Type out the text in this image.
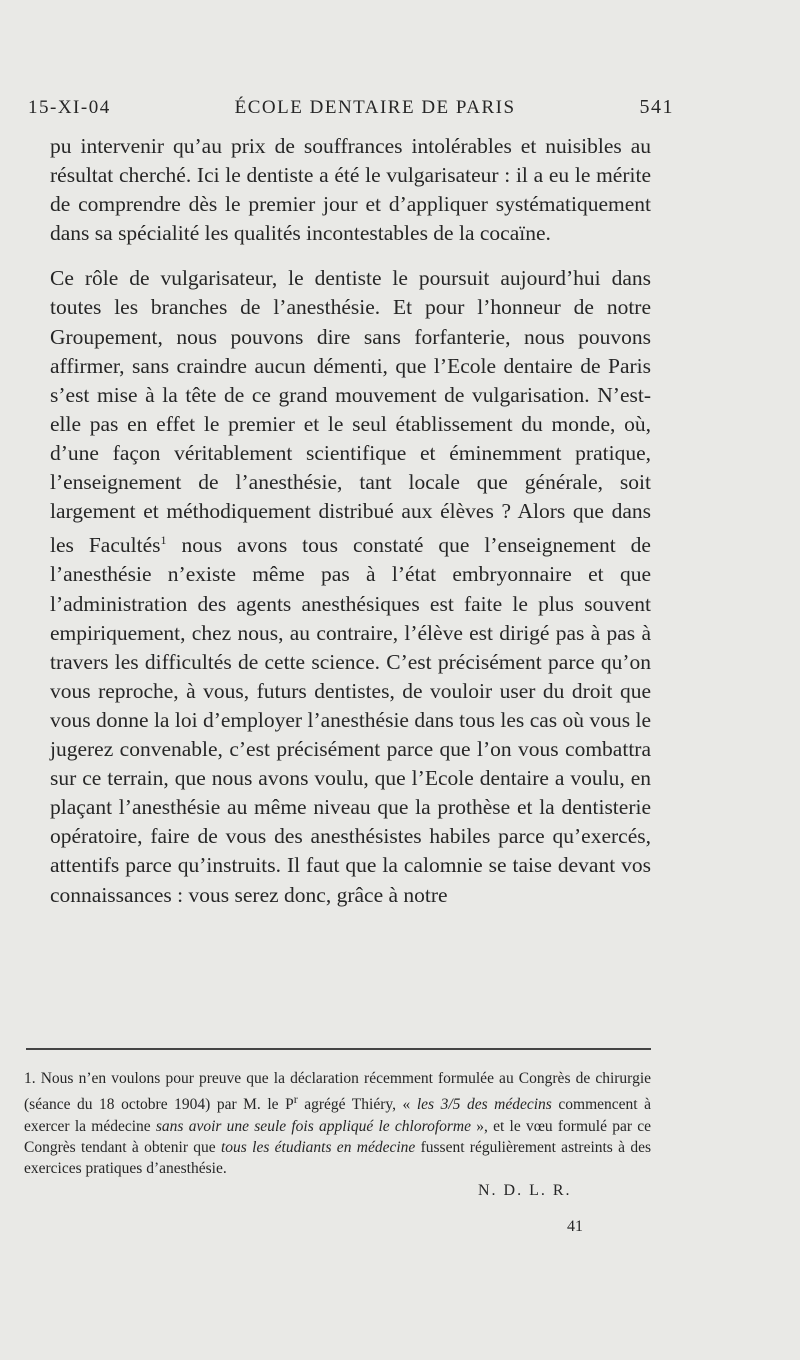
15-XI-04	ÉCOLE DENTAIRE DE PARIS	541

pu intervenir qu’au prix de souffrances intolérables et nuisibles au résultat cherché. Ici le dentiste a été le vulgarisateur : il a eu le mérite de comprendre dès le premier jour et d’appliquer systématiquement dans sa spécialité les qualités incontestables de la cocaïne.

Ce rôle de vulgarisateur, le dentiste le poursuit aujourd’hui dans toutes les branches de l’anesthésie. Et pour l’honneur de notre Groupement, nous pouvons dire sans forfanterie, nous pouvons affirmer, sans craindre aucun démenti, que l’Ecole dentaire de Paris s’est mise à la tête de ce grand mouvement de vulgarisation. N’est-elle pas en effet le premier et le seul établissement du monde, où, d’une façon véritablement scientifique et éminemment pratique, l’enseignement de l’anesthésie, tant locale que générale, soit largement et méthodiquement distribué aux élèves ? Alors que dans les Facultés$^1$ nous avons tous constaté que l’enseignement de l’anesthésie n’existe même pas à l’état embryonnaire et que l’administration des agents anesthésiques est faite le plus souvent empiriquement, chez nous, au contraire, l’élève est dirigé pas à pas à travers les difficultés de cette science. C’est précisément parce qu’on vous reproche, à vous, futurs dentistes, de vouloir user du droit que vous donne la loi d’employer l’anesthésie dans tous les cas où vous le jugerez convenable, c’est précisément parce que l’on vous combattra sur ce terrain, que nous avons voulu, que l’Ecole dentaire a voulu, en plaçant l’anesthésie au même niveau que la prothèse et la dentisterie opératoire, faire de vous des anesthésistes habiles parce qu’exercés, attentifs parce qu’instruits. Il faut que la calomnie se taise devant vos connaissances : vous serez donc, grâce à notre

1. Nous n’en voulons pour preuve que la déclaration récemment formulée au Congrès de chirurgie (séance du 18 octobre 1904) par M. le $P^r$ agrégé Thiéry, « les 3/5 des médecins commencent à exercer la médecine sans avoir une seule fois appliqué le chloroforme », et le vœu formulé par ce Congrès tendant à obtenir que tous les étudiants en médecine fussent régulièrement astreints à des exercices pratiques d’anesthésie.

N. D. L. R.
41
